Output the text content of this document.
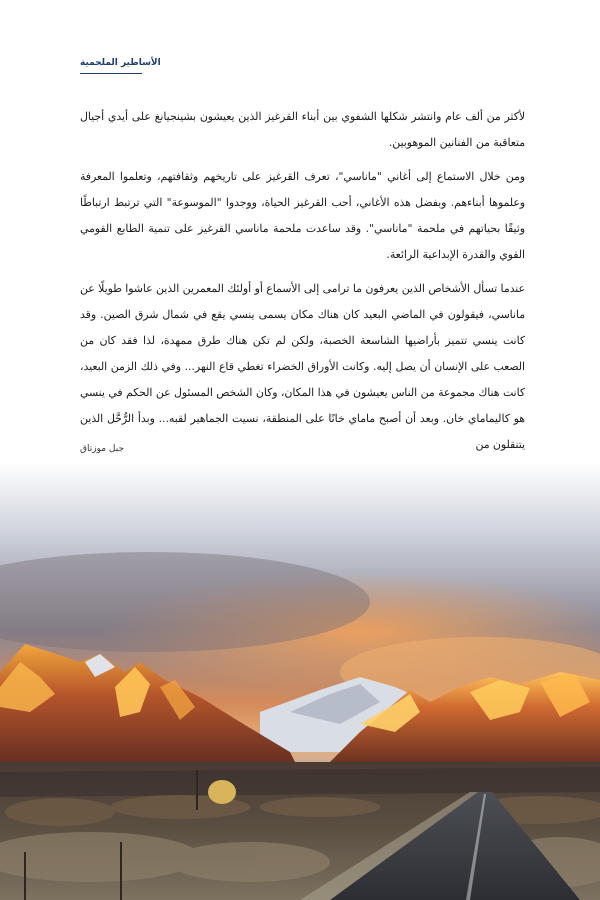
الأساطير الملحمية

لأكثر من ألف عام وانتشر شكلها الشفوي بين أبناء القرغيز الذين يعيشون بشينجيانغ على أيدي أجيال متعاقبة من الفنانين الموهوبين.

ومن خلال الاستماع إلى أغاني "ماناسي"، تعرف القرغيز على تاريخهم وثقافتهم، وتعلموا المعرفة وعلموها أبناءهم. وبفضل هذه الأغاني، أحب القرغيز الحياة، ووجدوا "الموسوعة" التي ترتبط ارتباطًا وثيقًا بحياتهم في ملحمة "ماناسي". وقد ساعدت ملحمة ماناسي القرغيز على تنمية الطابع القومي القوي والقدرة الإبداعية الرائعة.

عندما تسأل الأشخاص الذين يعرفون ما ترامى إلى الأسماع أو أولئك المعمرين الذين عاشوا طويلًا عن ماناسي، فيقولون في الماضي البعيد كان هناك مكان يسمى ينسي يقع في شمال شرق الصين. وقد كانت ينسي تتميز بأراضيها الشاسعة الخصبة، ولكن لم تكن هناك طرق ممهدة، لذا فقد كان من الصعب على الإنسان أن يصل إليه. وكانت الأوراق الخضراء تغطي قاع النهر... وفي ذلك الزمن البعيد، كانت هناك مجموعة من الناس يعيشون في هذا المكان، وكان الشخص المسئول عن الحكم في ينسي هو كاليماماي خان. وبعد أن أصبح ماماي خانًا على المنطقة، نسيت الجماهير لقبه... وبدأ الرُّحَّل الذين يتنقلون من

جبل موزتاق
